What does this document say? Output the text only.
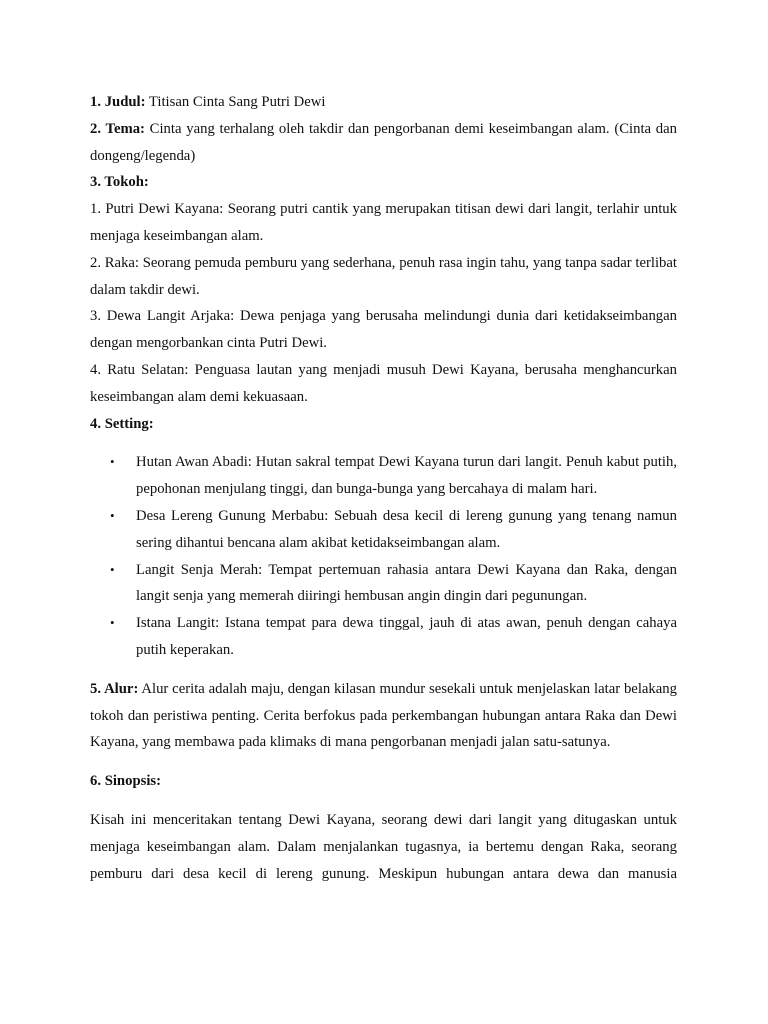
1. Judul: Titisan Cinta Sang Putri Dewi

2. Tema: Cinta yang terhalang oleh takdir dan pengorbanan demi keseimbangan alam. (Cinta dan dongeng/legenda)

3. Tokoh:

1. Putri Dewi Kayana: Seorang putri cantik yang merupakan titisan dewi dari langit, terlahir untuk menjaga keseimbangan alam.

2. Raka: Seorang pemuda pemburu yang sederhana, penuh rasa ingin tahu, yang tanpa sadar terlibat dalam takdir dewi.

3. Dewa Langit Arjaka: Dewa penjaga yang berusaha melindungi dunia dari ketidakseimbangan dengan mengorbankan cinta Putri Dewi.

4. Ratu Selatan: Penguasa lautan yang menjadi musuh Dewi Kayana, berusaha menghancurkan keseimbangan alam demi kekuasaan.

4. Setting:

• Hutan Awan Abadi: Hutan sakral tempat Dewi Kayana turun dari langit. Penuh kabut putih, pepohonan menjulang tinggi, dan bunga-bunga yang bercahaya di malam hari.
• Desa Lereng Gunung Merbabu: Sebuah desa kecil di lereng gunung yang tenang namun sering dihantui bencana alam akibat ketidakseimbangan alam.
• Langit Senja Merah: Tempat pertemuan rahasia antara Dewi Kayana dan Raka, dengan langit senja yang memerah diiringi hembusan angin dingin dari pegunungan.
• Istana Langit: Istana tempat para dewa tinggal, jauh di atas awan, penuh dengan cahaya putih keperakan.

5. Alur: Alur cerita adalah maju, dengan kilasan mundur sesekali untuk menjelaskan latar belakang tokoh dan peristiwa penting. Cerita berfokus pada perkembangan hubungan antara Raka dan Dewi Kayana, yang membawa pada klimaks di mana pengorbanan menjadi jalan satu-satunya.

6. Sinopsis:

Kisah ini menceritakan tentang Dewi Kayana, seorang dewi dari langit yang ditugaskan untuk menjaga keseimbangan alam. Dalam menjalankan tugasnya, ia bertemu dengan Raka, seorang pemburu dari desa kecil di lereng gunung. Meskipun hubungan antara dewa dan manusia
